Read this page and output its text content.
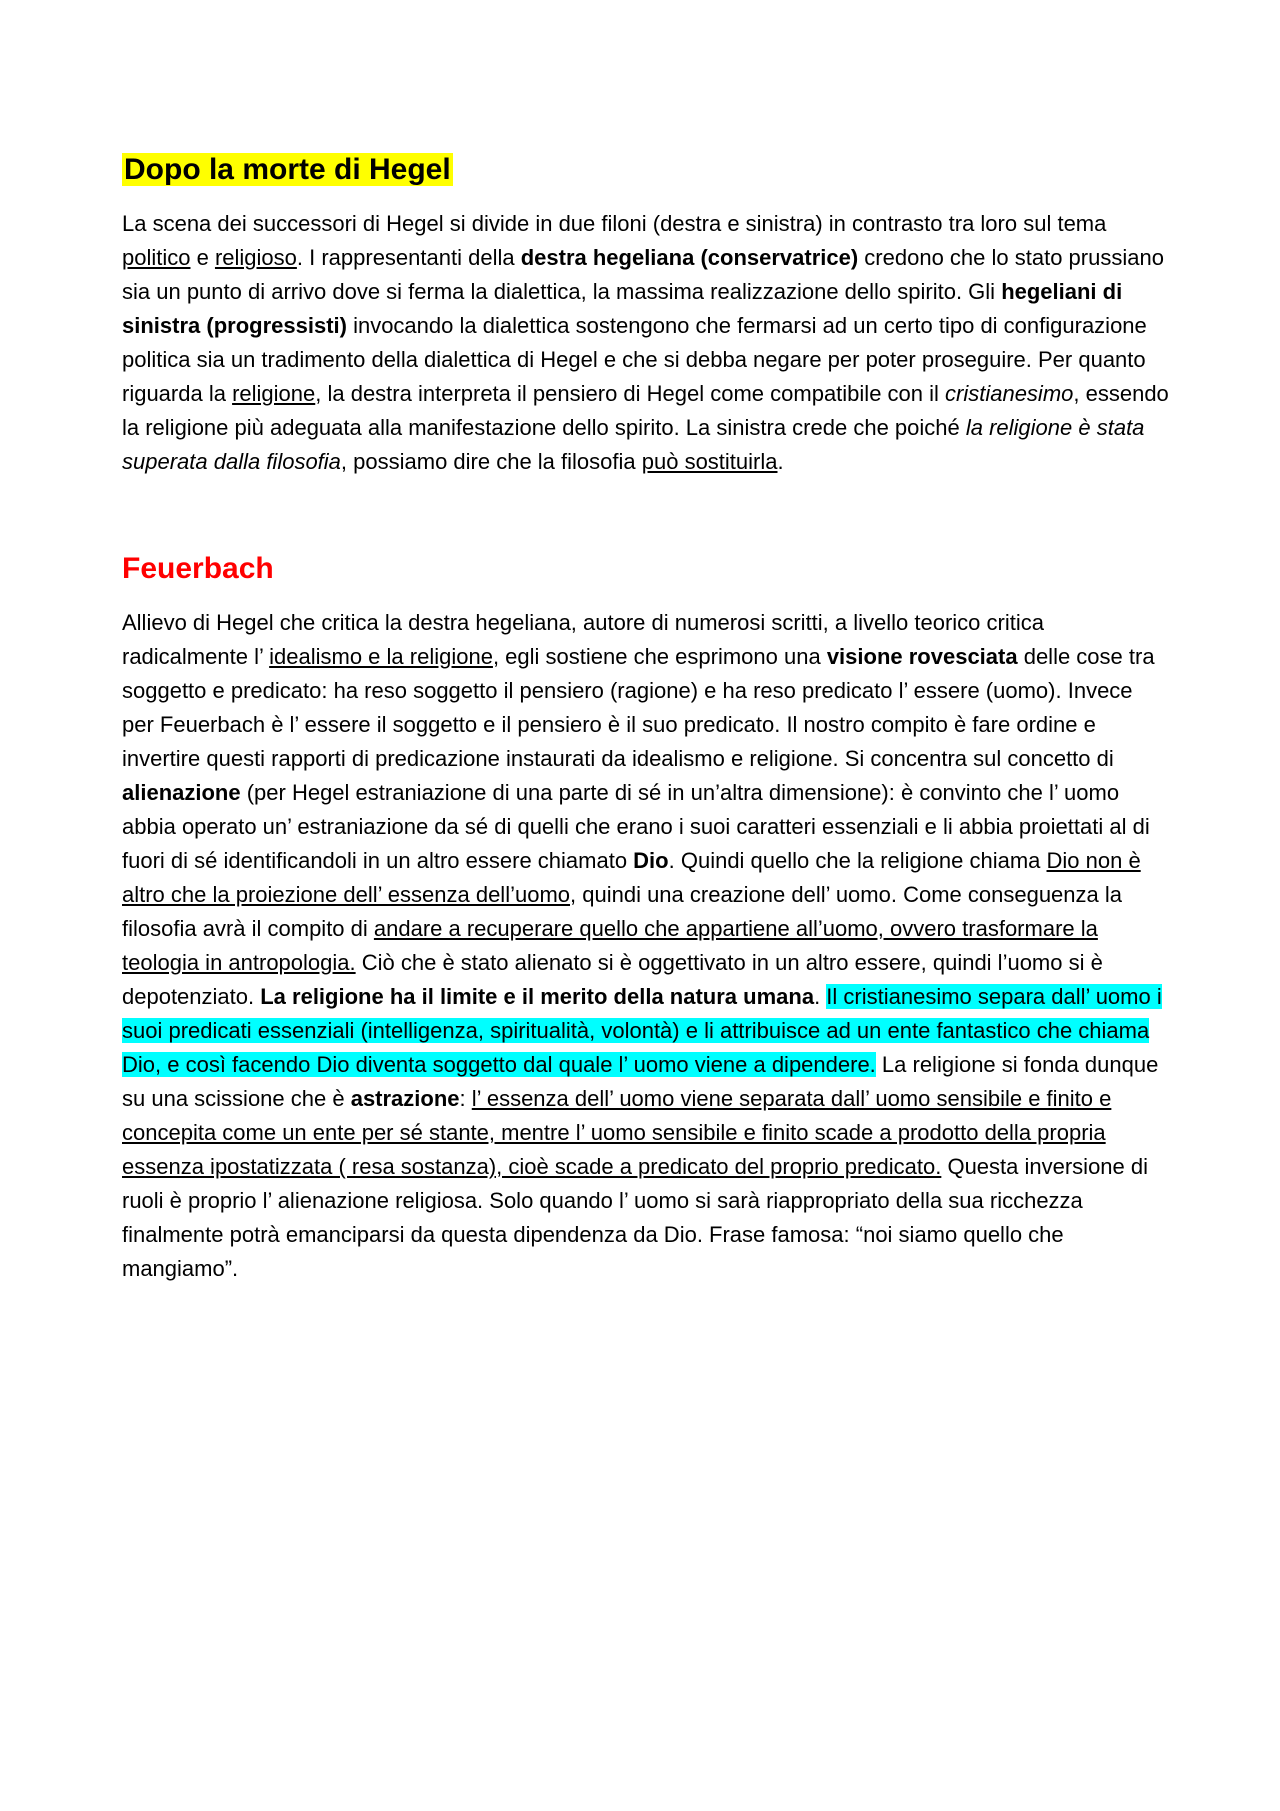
Dopo la morte di Hegel

La scena dei successori di Hegel si divide in due filoni (destra e sinistra) in contrasto tra loro sul tema politico e religioso. I rappresentanti della destra hegeliana (conservatrice) credono che lo stato prussiano sia un punto di arrivo dove si ferma la dialettica, la massima realizzazione dello spirito. Gli hegeliani di sinistra (progressisti) invocando la dialettica sostengono che fermarsi ad un certo tipo di configurazione politica sia un tradimento della dialettica di Hegel e che si debba negare per poter proseguire. Per quanto riguarda la religione, la destra interpreta il pensiero di Hegel come compatibile con il cristianesimo, essendo la religione più adeguata alla manifestazione dello spirito. La sinistra crede che poiché la religione è stata superata dalla filosofia, possiamo dire che la filosofia può sostituirla.

Feuerbach

Allievo di Hegel che critica la destra hegeliana, autore di numerosi scritti, a livello teorico critica radicalmente l’ idealismo e la religione, egli sostiene che esprimono una visione rovesciata delle cose tra soggetto e predicato: ha reso soggetto il pensiero (ragione) e ha reso predicato l’ essere (uomo). Invece per Feuerbach è l’ essere il soggetto e il pensiero è il suo predicato. Il nostro compito è fare ordine e invertire questi rapporti di predicazione instaurati da idealismo e religione. Si concentra sul concetto di alienazione (per Hegel estraniazione di una parte di sé in un’altra dimensione): è convinto che l’ uomo abbia operato un’ estraniazione da sé di quelli che erano i suoi caratteri essenziali e li abbia proiettati al di fuori di sé identificandoli in un altro essere chiamato Dio. Quindi quello che la religione chiama Dio non è altro che la proiezione dell’ essenza dell’uomo, quindi una creazione dell’ uomo. Come conseguenza la filosofia avrà il compito di andare a recuperare quello che appartiene all’uomo, ovvero trasformare la teologia in antropologia. Ciò che è stato alienato si è oggettivato in un altro essere, quindi l’uomo si è depotenziato. La religione ha il limite e il merito della natura umana. Il cristianesimo separa dall’ uomo i suoi predicati essenziali (intelligenza, spiritualità, volontà) e li attribuisce ad un ente fantastico che chiama Dio, e così facendo Dio diventa soggetto dal quale l’ uomo viene a dipendere. La religione si fonda dunque su una scissione che è astrazione: l’ essenza dell’ uomo viene separata dall’ uomo sensibile e finito e concepita come un ente per sé stante, mentre l’ uomo sensibile e finito scade a prodotto della propria essenza ipostatizzata ( resa sostanza), cioè scade a predicato del proprio predicato. Questa inversione di ruoli è proprio l’ alienazione religiosa. Solo quando l’ uomo si sarà riappropriato della sua ricchezza finalmente potrà emanciparsi da questa dipendenza da Dio. Frase famosa: “noi siamo quello che mangiamo”.
